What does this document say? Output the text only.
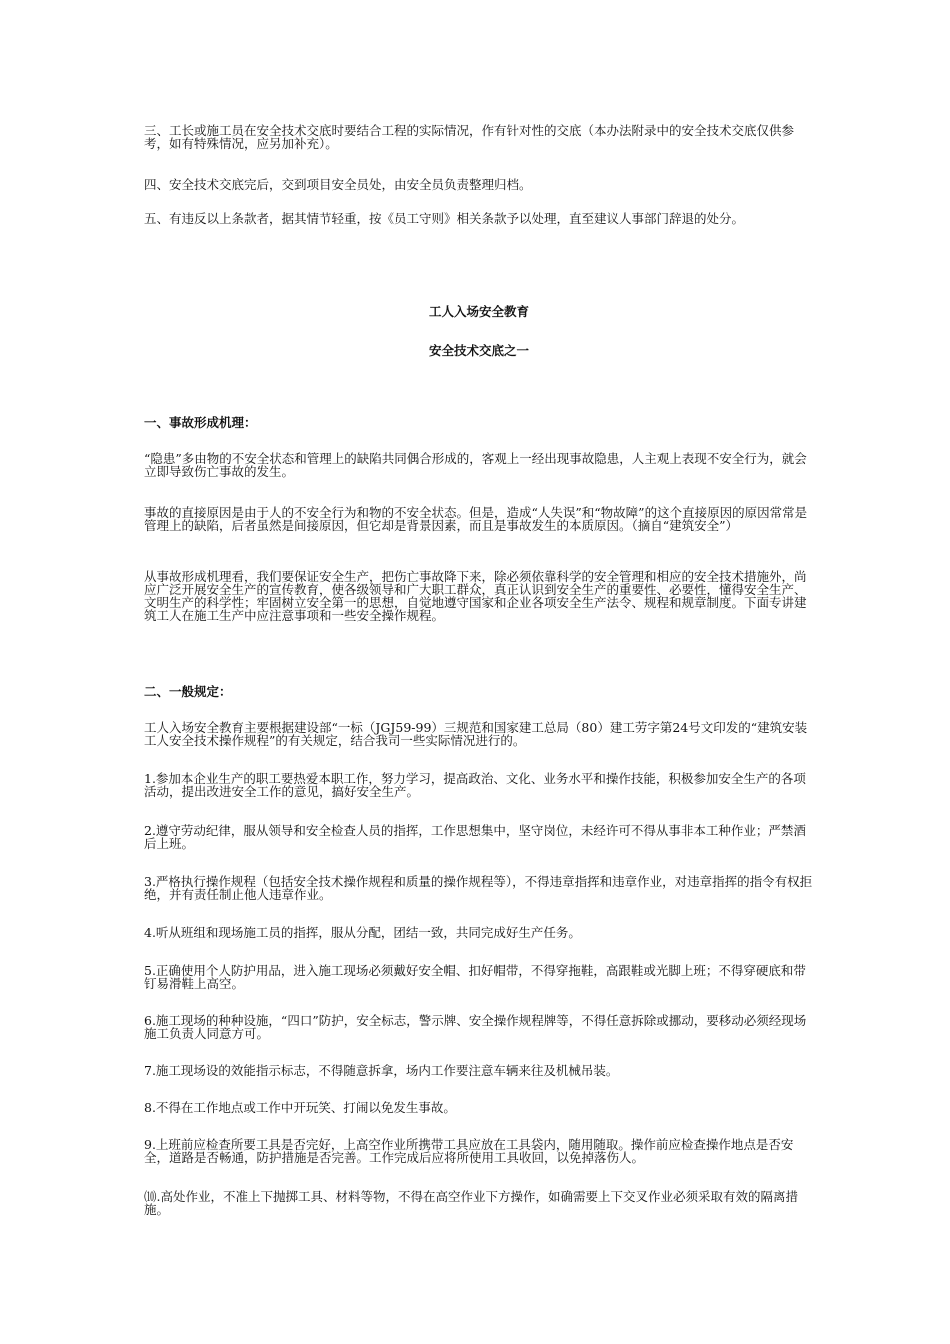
三、工长或施工员在安全技术交底时要结合工程的实际情况，作有针对性的交底（本办法附录中的安全技术交底仅供参考，如有特殊情况，应另加补充）。

四、安全技术交底完后，交到项目安全员处，由安全员负责整理归档。

五、有违反以上条款者，据其情节轻重，按《员工守则》相关条款予以处理，直至建议人事部门辞退的处分。

工人入场安全教育

安全技术交底之一

一、事故形成机理：

“隐患”多由物的不安全状态和管理上的缺陷共同偶合形成的，客观上一经出现事故隐患，人主观上表现不安全行为，就会立即导致伤亡事故的发生。

事故的直接原因是由于人的不安全行为和物的不安全状态。但是，造成“人失误”和“物故障”的这个直接原因的原因常常是管理上的缺陷，后者虽然是间接原因，但它却是背景因素，而且是事故发生的本质原因。（摘自“建筑安全”）

从事故形成机理看，我们要保证安全生产，把伤亡事故降下来，除必须依靠科学的安全管理和相应的安全技术措施外，尚应广泛开展安全生产的宣传教育，使各级领导和广大职工群众，真正认识到安全生产的重要性、必要性，懂得安全生产、文明生产的科学性；牢固树立安全第一的思想，自觉地遵守国家和企业各项安全生产法令、规程和规章制度。下面专讲建筑工人在施工生产中应注意事项和一些安全操作规程。

二、一般规定：

工人入场安全教育主要根据建设部“一标（JGJ59-99）三规范和国家建工总局（80）建工劳字第24号文印发的“建筑安装工人安全技术操作规程”的有关规定，结合我司一些实际情况进行的。

1.参加本企业生产的职工要热爱本职工作，努力学习，提高政治、文化、业务水平和操作技能，积极参加安全生产的各项活动，提出改进安全工作的意见，搞好安全生产。

2.遵守劳动纪律，服从领导和安全检查人员的指挥，工作思想集中，坚守岗位，未经许可不得从事非本工种作业；严禁酒后上班。

3.严格执行操作规程（包括安全技术操作规程和质量的操作规程等），不得违章指挥和违章作业，对违章指挥的指令有权拒绝，并有责任制止他人违章作业。

4.听从班组和现场施工员的指挥，服从分配，团结一致，共同完成好生产任务。

5.正确使用个人防护用品，进入施工现场必须戴好安全帽、扣好帽带，不得穿拖鞋，高跟鞋或光脚上班；不得穿硬底和带钉易滑鞋上高空。

6.施工现场的种种设施，“四口”防护，安全标志，警示牌、安全操作规程牌等，不得任意拆除或挪动，要移动必须经现场施工负责人同意方可。

7.施工现场设的效能指示标志，不得随意拆拿，场内工作要注意车辆来往及机械吊装。

8.不得在工作地点或工作中开玩笑、打闹以免发生事故。

9.上班前应检查所要工具是否完好，上高空作业所携带工具应放在工具袋内，随用随取。操作前应检查操作地点是否安全，道路是否畅通，防护措施是否完善。工作完成后应将所使用工具收回，以免掉落伤人。

⑽.高处作业，不准上下抛掷工具、材料等物，不得在高空作业下方操作，如确需要上下交叉作业必须采取有效的隔离措施。
